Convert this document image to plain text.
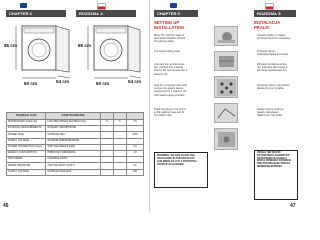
CHAPTER 4	ROZDZIAŁ 4
85 cm
60 cm	54 cm
85 cm
60 cm	54 cm
TECHNICAL DATA	DANE TECHNICZNE			
MAXIMUM DRY LOAD (kg)	ŁADUNEK PRANIA SUCHEGO (kg)	5	6	7,5
EXTERNAL MEASUREMENTS	WYMIARY ZEWNĘTRZNE			
POWER (Watt)	NAPIĘCIE SIECI			2250
SUPPLY VOLTAGE	GŁÓWNE ZABEZPIECZENIE			
POWER CONNECTION (Amps)	ZUŻYCIE ENERGII (kWh)			1,0
ENERGY CONSUMPTION	PRĘDKOŚĆ WIROWANIA			10
SPIN SPEED	CIŚNIENIE WODY			
WATER PRESSURE	ZUŻYCIE WODY (LITRY)			50
SUPPLY VOLTAGE	NAPIĘCIE ZASILANIA			230
46
CHAPTER 5	ROZDZIAŁ 5
SETTING UP INSTALLATION
INSTALACJA PRALKI
Move the machine near to permanent location without the packing base.
Cut transit tubing strap.
Unscrew the central screw (A), unscrew the 4 lateral screws (B) and remove the 4 spacers (C).
Seal the mounting holes and remove the plastic sleeve containing the 4 spacers (D) with plastic plugs provided.
Place the plugs to be found in the packing case and fit the plastic caps.
Ustawić pralkę w miejscu przeznaczenia bez podstawy.
Przeciąć taśmę zabezpieczającą przewody.
Wykręcić środkową śrubę (A), 4 boczne (B) i wyjąć 4 elementy dystansowe (C).
Zamknąć otwory zatyczkami dostarczonymi z pralką.
Zatkać otwory w tylnym panelu zaślepkami dołączonymi do pralki.
WARNING: DO NOT LEAVE THE PACKAGING IN THE REACH OF CHILDREN AS IT IS A POTENTIAL SOURCE OF DANGER.
UWAGA: NIE WOLNO POZOSTAWIAĆ ELEMENTÓW OPAKOWANIA W ZASIĘGU DZIECI, PONIEWAŻ STANOWIĄ ONE POTENCJALNE ŹRÓDŁO NIEBEZPIECZEŃSTWA.
47
